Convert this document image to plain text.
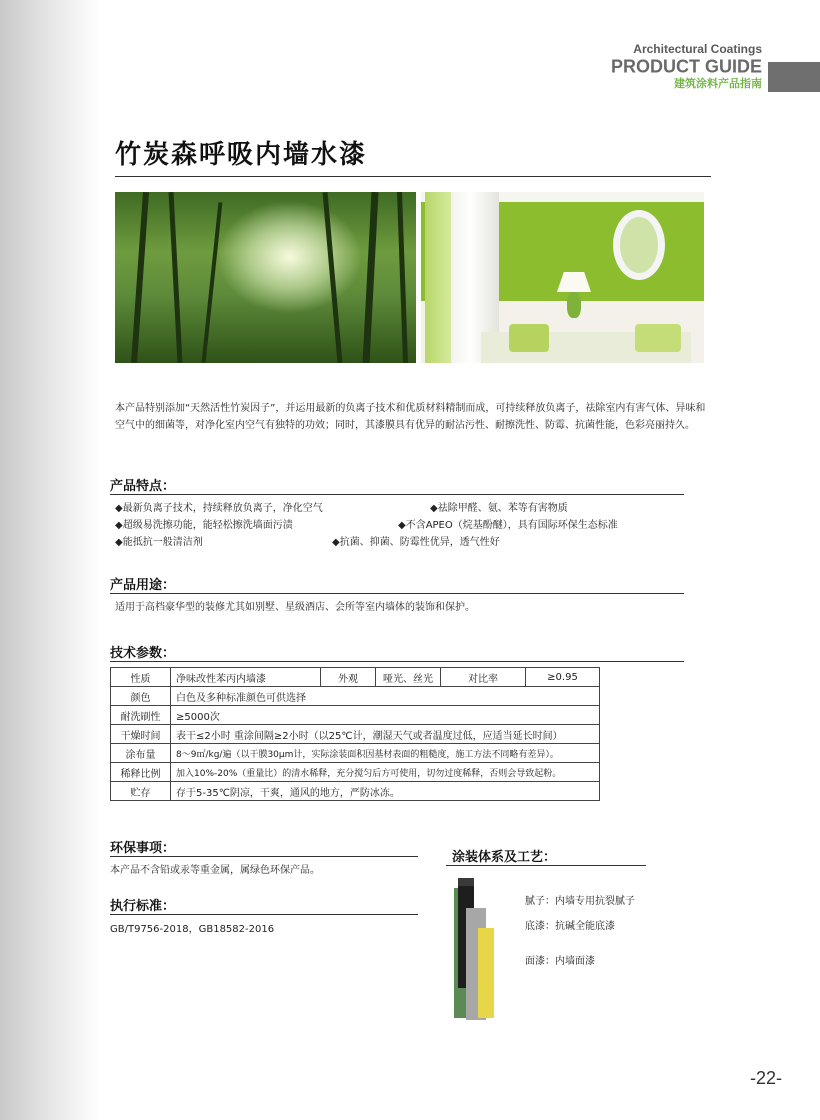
Architectural Coatings
PRODUCT GUIDE
建筑涂料产品指南
竹炭森呼吸内墙水漆

本产品特别添加“天然活性竹炭因子”，并运用最新的负离子技术和优质材料精制而成，可持续释放负离子，祛除室内有害气体、异味和空气中的细菌等，对净化室内空气有独特的功效；同时，其漆膜具有优异的耐沾污性、耐擦洗性、防霉、抗菌性能，色彩亮丽持久。

产品特点：
◆最新负离子技术，持续释放负离子，净化空气	◆祛除甲醛、氨、苯等有害物质
◆超级易洗擦功能，能轻松擦洗墙面污渍	◆不含APEO（烷基酚醚），具有国际环保生态标准
◆能抵抗一般清洁剂	◆抗菌、抑菌、防霉性优异，透气性好
产品用途：
适用于高档豪华型的装修尤其如别墅、星级酒店、会所等室内墙体的装饰和保护。
技术参数：
性质	净味改性苯丙内墙漆	外观	哑光、丝光	对比率	≥0.95
颜色	白色及多种标准颜色可供选择				
耐洗刷性	≥5000次				
干燥时间	表干≤2小时 重涂间隔≥2小时（以25℃计，潮湿天气或者温度过低，应适当延长时间）				
涂布量	8～9㎡/kg/遍（以干膜30μm计，实际涂装面积因基材表面的粗糙度，施工方法不同略有差异）。				
稀释比例	加入10%-20%（重量比）的清水稀释，充分搅匀后方可使用，切勿过度稀释，否则会导致起粉。				
贮存	存于5-35℃阴凉，干爽，通风的地方，严防冰冻。				
环保事项：
本产品不含铅或汞等重金属，属绿色环保产品。
执行标准：
GB/T9756-2018，GB18582-2016
涂装体系及工艺：
腻子：内墙专用抗裂腻子
底漆：抗碱全能底漆
面漆：内墙面漆
-22-
